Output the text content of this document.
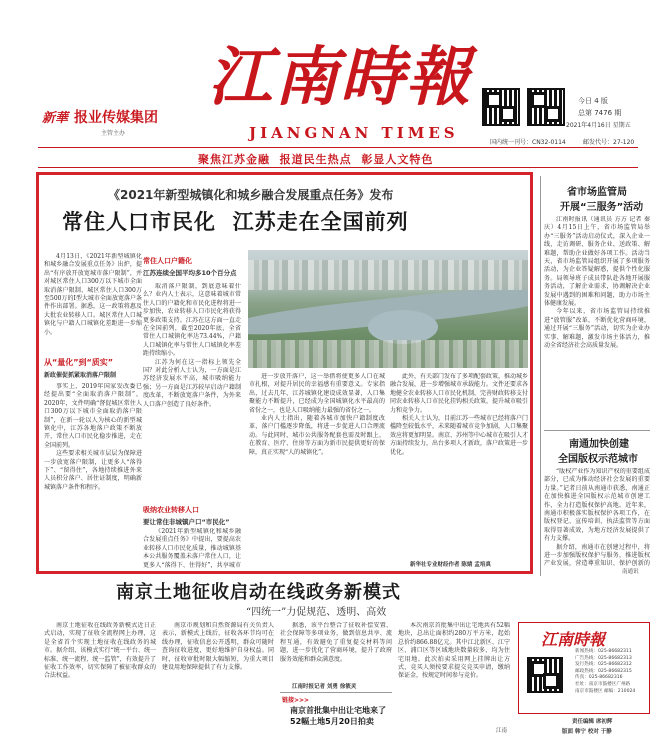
新華 报业传媒集团
主管主办
江南時報
JIANGNAN TIMES
今日 4 版
总第 7476 期
2021年4月16日 星期五
国内统一刊号：CN32-0114	邮发代号：27-120
聚焦江苏金融  报道民生热点  彰显人文特色
《2021年新型城镇化和城乡融合发展重点任务》发布
常住人口市民化  江苏走在全国前列

4月13日，《2021年新型城镇化和城乡融合发展重点任务》出炉，提出“有序放开放宽城市落户限制”，并对城区常住人口300万以下城市全面取消落户限制、城区常住人口300万至500万的I型大城市全面放宽落户条件作出部署。据悉，这一政策将惠及大批农业转移人口。城区常住人口城镇化与户籍人口城镇化差距进一步缩小。

从“量化”到“质实”
新政催促抓紧取消落户限制

事实上，2019年国家发改委已经提出要“全面取消落户限制”，2020年，文件明确“督促城区常住人口300万以下城市全面取消落户限制”，在新一轮以人为核心的新型城镇化中，江苏各地落户政策不断放开，常住人口市民化稳步推进，走在全国前列。

这些要求相关城市层层为保障进一步放宽落户限制，让更多人“落得下”、“留得住”，各地持续推进外来人员积分落户、居住证制度，明确新城镇落户条件和程序。

常住人口户籍化
江苏连续全国平均多10个百分点

取消落户限制，到底意味着什么？业内人士表示，这意味着城市常住人口的户籍化和市民化进程将进一步加快，农业转移人口市民化将获得更多政策支持。江苏在这方面一直走在全国前列，截至2020年底，全省常住人口城镇化率达73.44%，户籍人口城镇化率与常住人口城镇化率差距持续缩小。

江苏为何在这一指标上领先全国？对此分析人士认为，一方面是江苏经济发展水平高，城市吸纳能力强；另一方面是江苏较早启动户籍制度改革，不断放宽落户条件，为外来人口落户创造了良好条件。

吸纳农业转移人口
要让常住非城镇户口“市民化”

《2021年新型城镇化和城乡融合发展重点任务》中提出，要提高农业转移人口市民化质量，推动城镇基本公共服务覆盖未落户常住人口，让更多人“落得下、住得好”，共享城市

进一步放开落户，这一举措将使更多人口在城市扎根，对提升居民的幸福感有重要意义。专家指出，过去几年，江苏城镇化建设成效显著，人口集聚能力不断提升，已经成为全国城镇化水平最高的省份之一，也是人口吸纳能力最强的省份之一。

业内人士指出，随着各城市加快户籍制度改革，落户门槛逐步降低，将进一步促进人口合理流动。与此同时，城市公共服务配套也需及时跟上，在教育、医疗、住房等方面为新市民提供更好的保障，真正实现“人的城镇化”。

此外，有关部门发布了多项配套政策，推动城乡融合发展，进一步增强城市承载能力。文件还要求各地健全农业转移人口市民化机制，完善财政转移支付同农业转移人口市民化挂钩相关政策，提升城市吸引力和竞争力。

相关人士认为，目前江苏一些城市已经将落户门槛降至较低水平，未来随着城市竞争加剧，人口集聚效应将更加明显。南京、苏州等中心城市在吸引人才方面持续发力，出台多项人才新政，落户政策进一步优化。

新华社专业财经作者 陈婧 孟培真
省市场监管局
开展“三服务”活动

江南时报讯（通讯员 方方 记者 秦庆）4月15日上午，省市场监管局举办“三服务”活动启动仪式，深入企业一线，走访调研、服务企业、送政策、解难题，帮助企业做好各项工作。活动当天，省市场监管局组织开展了多项服务活动，为企业答疑解惑，提供个性化服务。局领导班子成员带队赴各地开展服务活动，了解企业需求，协调解决企业发展中遇到的困难和问题，助力市场主体健康发展。

今年以来，省市场监管局持续推进“放管服”改革，不断优化营商环境，通过开展“三服务”活动，切实为企业办实事、解难题，激发市场主体活力，推动全省经济社会高质量发展。

南通加快创建
全国版权示范城市

“版权产业作为知识产权的重要组成部分，已成为推动经济社会发展的重要力量。”记者日前从南通市获悉，南通正在加快推进全国版权示范城市创建工作，全力打造版权保护高地。近年来，南通市积极落实版权保护各项工作，在版权登记、宣传培训、执法监管等方面取得显著成效，为地方经济发展提供了有力支撑。

据介绍，南通市在创建过程中，将进一步加强版权保护与服务，推进版权产业发展，营造尊重知识、保护创新的

南通讯
南京土地征收启动在线政务新模式
“四统一”力促规范、透明、高效

南京土地征收在线政务新模式近日正式启动，实现了征收全流程网上办理，这是全省首个实现土地征收在线政务的城市。据介绍，该模式实行“统一平台、统一标准、统一流程、统一监管”，有效提升了征收工作效率，切实保障了被征收群众的合法权益。

南京市规划和自然资源局有关负责人表示，新模式上线后，征收各环节均可在线办理，征收信息公开透明，群众可随时查询征收进度，更好地维护自身权益。同时，征收审批时限大幅缩短，为重大项目建设用地保障提供了有力支撑。

据悉，该平台整合了征收补偿安置、社会保障等多项业务，做到信息共享、流程互通，有效避免了重复提交材料等问题，进一步优化了营商环境，提升了政府服务效能和群众满意度。

江南时报记者 刘勇 徐筱灵
链接>>>
南京首批集中出让宅地来了
52幅土地5月20日拍卖

本次南京首批集中出让宅地共有52幅地块，总出让面积约280万平方米，起始总价约866.88亿元。其中江北新区、江宁区、浦口区等区域地块数量较多，均为住宅用地。此次拍卖采用网上挂牌出让方式，竞买人须按要求提交竞买申请，缴纳保证金，按规定时间参与竞价。

江南
江南時報
新闻热线：025-86682311
广告热线：025-86682313
发行热线：025-86682312
邮政热线：025-86682315
传真：025-86682316
社址：南京市鼓楼区广州路
南京市鼓楼区 邮编：210024
责任编辑 席初辉
版面 韩宁 校对 于静
